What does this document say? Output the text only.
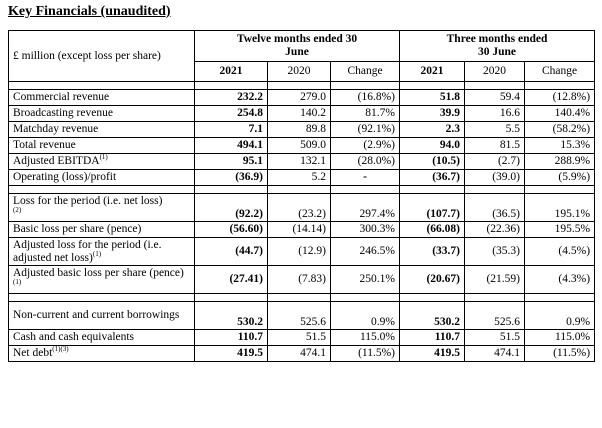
Key Financials (unaudited)
£ million (except loss per share)	Twelve months ended 30 June			Three months ended 30 June		
	2021	2020	Change	2021	2020	Change

Commercial revenue	232.2	279.0	(16.8%)	51.8	59.4	(12.8%)
Broadcasting revenue	254.8	140.2	81.7%	39.9	16.6	140.4%
Matchday revenue	7.1	89.8	(92.1%)	2.3	5.5	(58.2%)
Total revenue	494.1	509.0	(2.9%)	94.0	81.5	15.3%
Adjusted EBITDA$^{(1)}$	95.1	132.1	(28.0%)	(10.5)	(2.7)	288.9%
Operating (loss)/profit	(36.9)	5.2	-	(36.7)	(39.0)	(5.9%)

Loss for the period (i.e. net loss)
$^{(2)}$	(92.2)	(23.2)	297.4%	(107.7)	(36.5)	195.1%
Basic loss per share (pence)	(56.60)	(14.14)	300.3%	(66.08)	(22.36)	195.5%
Adjusted loss for the period (i.e. adjusted net loss)$^{(1)}$	(44.7)	(12.9)	246.5%	(33.7)	(35.3)	(4.5%)
Adjusted basic loss per share (pence)$^{(1)}$	(27.41)	(7.83)	250.1%	(20.67)	(21.59)	(4.3%)

Non-current and current borrowings	530.2	525.6	0.9%	530.2	525.6	0.9%
Cash and cash equivalents	110.7	51.5	115.0%	110.7	51.5	115.0%
Net debt$^{(1)(3)}$	419.5	474.1	(11.5%)	419.5	474.1	(11.5%)
